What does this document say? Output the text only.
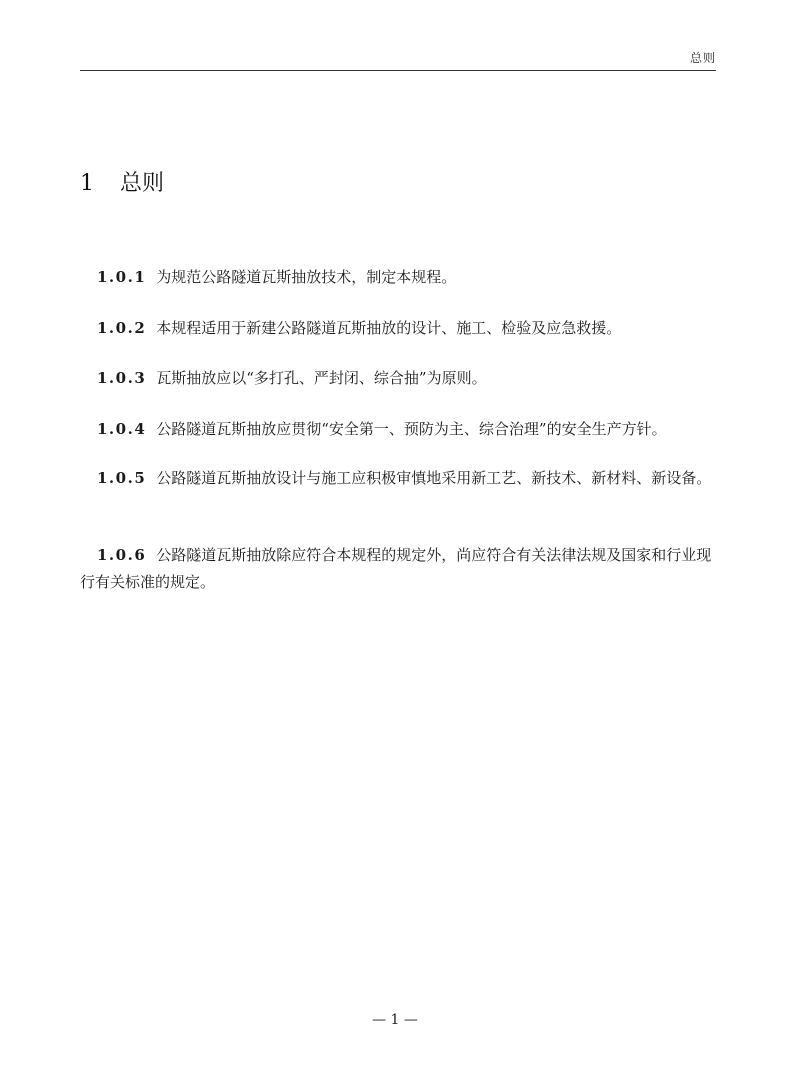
总则
1 总则

1.0.1 为规范公路隧道瓦斯抽放技术，制定本规程。

1.0.2 本规程适用于新建公路隧道瓦斯抽放的设计、施工、检验及应急救援。

1.0.3 瓦斯抽放应以“多打孔、严封闭、综合抽”为原则。

1.0.4 公路隧道瓦斯抽放应贯彻“安全第一、预防为主、综合治理”的安全生产方针。

1.0.5 公路隧道瓦斯抽放设计与施工应积极审慎地采用新工艺、新技术、新材料、新设备。

1.0.6 公路隧道瓦斯抽放除应符合本规程的规定外，尚应符合有关法律法规及国家和行业现行有关标准的规定。

— 1 —
